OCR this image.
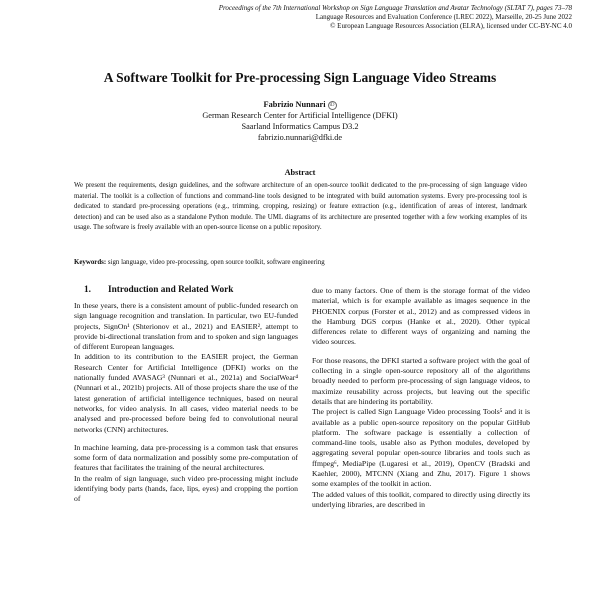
Proceedings of the 7th International Workshop on Sign Language Translation and Avatar Technology (SLTAT 7), pages 73–78
Language Resources and Evaluation Conference (LREC 2022), Marseille, 20-25 June 2022
© European Language Resources Association (ELRA), licensed under CC-BY-NC 4.0
A Software Toolkit for Pre-processing Sign Language Video Streams
Fabrizio Nunnari iD
German Research Center for Artificial Intelligence (DFKI)
Saarland Informatics Campus D3.2
fabrizio.nunnari@dfki.de
Abstract
We present the requirements, design guidelines, and the software architecture of an open-source toolkit dedicated to the pre-processing of sign language video material. The toolkit is a collection of functions and command-line tools designed to be integrated with build automation systems. Every pre-processing tool is dedicated to standard pre-processing operations (e.g., trimming, cropping, resizing) or feature extraction (e.g., identification of areas of interest, landmark detection) and can be used also as a standalone Python module. The UML diagrams of its architecture are presented together with a few working examples of its usage. The software is freely available with an open-source license on a public repository.
Keywords: sign language, video pre-processing, open source toolkit, software engineering
1. Introduction and Related Work

In these years, there is a consistent amount of public-funded research on sign language recognition and translation. In particular, two EU-funded projects, SignOn¹ (Shterionov et al., 2021) and EASIER², attempt to provide bi-directional translation from and to spoken and sign languages of different European languages.

In addition to its contribution to the EASIER project, the German Research Center for Artificial Intelligence (DFKI) works on the nationally funded AVASAG³ (Nunnari et al., 2021a) and SocialWear⁴ (Nunnari et al., 2021b) projects. All of those projects share the use of the latest generation of artificial intelligence techniques, based on neural networks, for video analysis. In all cases, video material needs to be analysed and pre-processed before being fed to convolutional neural networks (CNN) architectures.

In machine learning, data pre-processing is a common task that ensures some form of data normalization and possibly some pre-computation of features that facilitates the training of the neural architectures.

In the realm of sign language, such video pre-processing might include identifying body parts (hands, face, lips, eyes) and cropping the portion of

due to many factors. One of them is the storage format of the video material, which is for example available as images sequence in the PHOENIX corpus (Forster et al., 2012) and as compressed videos in the Hamburg DGS corpus (Hanke et al., 2020). Other typical differences relate to different ways of organizing and naming the video sources.

For those reasons, the DFKI started a software project with the goal of collecting in a single open-source repository all of the algorithms broadly needed to perform pre-processing of sign language videos, to maximize reusability across projects, but leaving out the specific details that are hindering its portability.

The project is called Sign Language Video processing Tools⁵ and it is available as a public open-source repository on the popular GitHub platform. The software package is essentially a collection of command-line tools, usable also as Python modules, developed by aggregating several popular open-source libraries and tools such as ffmpeg⁶, MediaPipe (Lugaresi et al., 2019), OpenCV (Bradski and Kaehler, 2000), MTCNN (Xiang and Zhu, 2017). Figure 1 shows some examples of the toolkit in action.

The added values of this toolkit, compared to directly using directly its underlying libraries, are described in
